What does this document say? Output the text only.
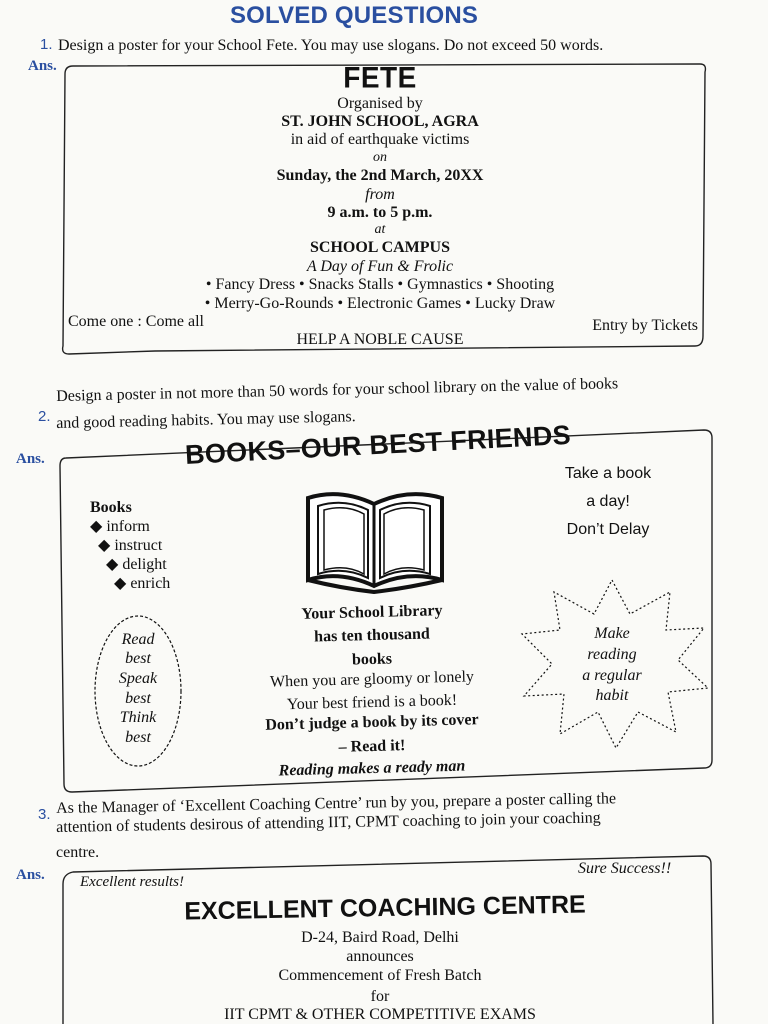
SOLVED QUESTIONS
1. Design a poster for your School Fete. You may use slogans. Do not exceed 50 words.
Ans.	FETE
Organised by
ST. JOHN SCHOOL, AGRA
in aid of earthquake victims
on
Sunday, the 2nd March, 20XX
from
9 a.m. to 5 p.m.
at
SCHOOL CAMPUS
A Day of Fun & Frolic
• Fancy Dress • Snacks Stalls • Gymnastics • Shooting
• Merry-Go-Rounds • Electronic Games • Lucky Draw
Come one : Come all	Entry by Tickets
HELP A NOBLE CAUSE
2.
Design a poster in not more than 50 words for your school library on the value of books
and good reading habits. You may use slogans.
Ans.	BOOKS–OUR BEST FRIENDS
Books
◆ inform
◆ instruct
◆ delight
◆ enrich
Take a book
a day!
Don’t Delay
Read
best
Speak
best
Think
best
Make
reading
a regular
habit
Your School Library
has ten thousand
books
When you are gloomy or lonely
Your best friend is a book!
Don’t judge a book by its cover
– Read it!
Reading makes a ready man
3. As the Manager of ‘Excellent Coaching Centre’ run by you, prepare a poster calling the
attention of students desirous of attending IIT, CPMT coaching to join your coaching
centre.
Ans. Excellent results!
Sure Success!!
EXCELLENT COACHING CENTRE
D-24, Baird Road, Delhi
announces
Commencement of Fresh Batch
for
IIT CPMT & OTHER COMPETITIVE EXAMS
